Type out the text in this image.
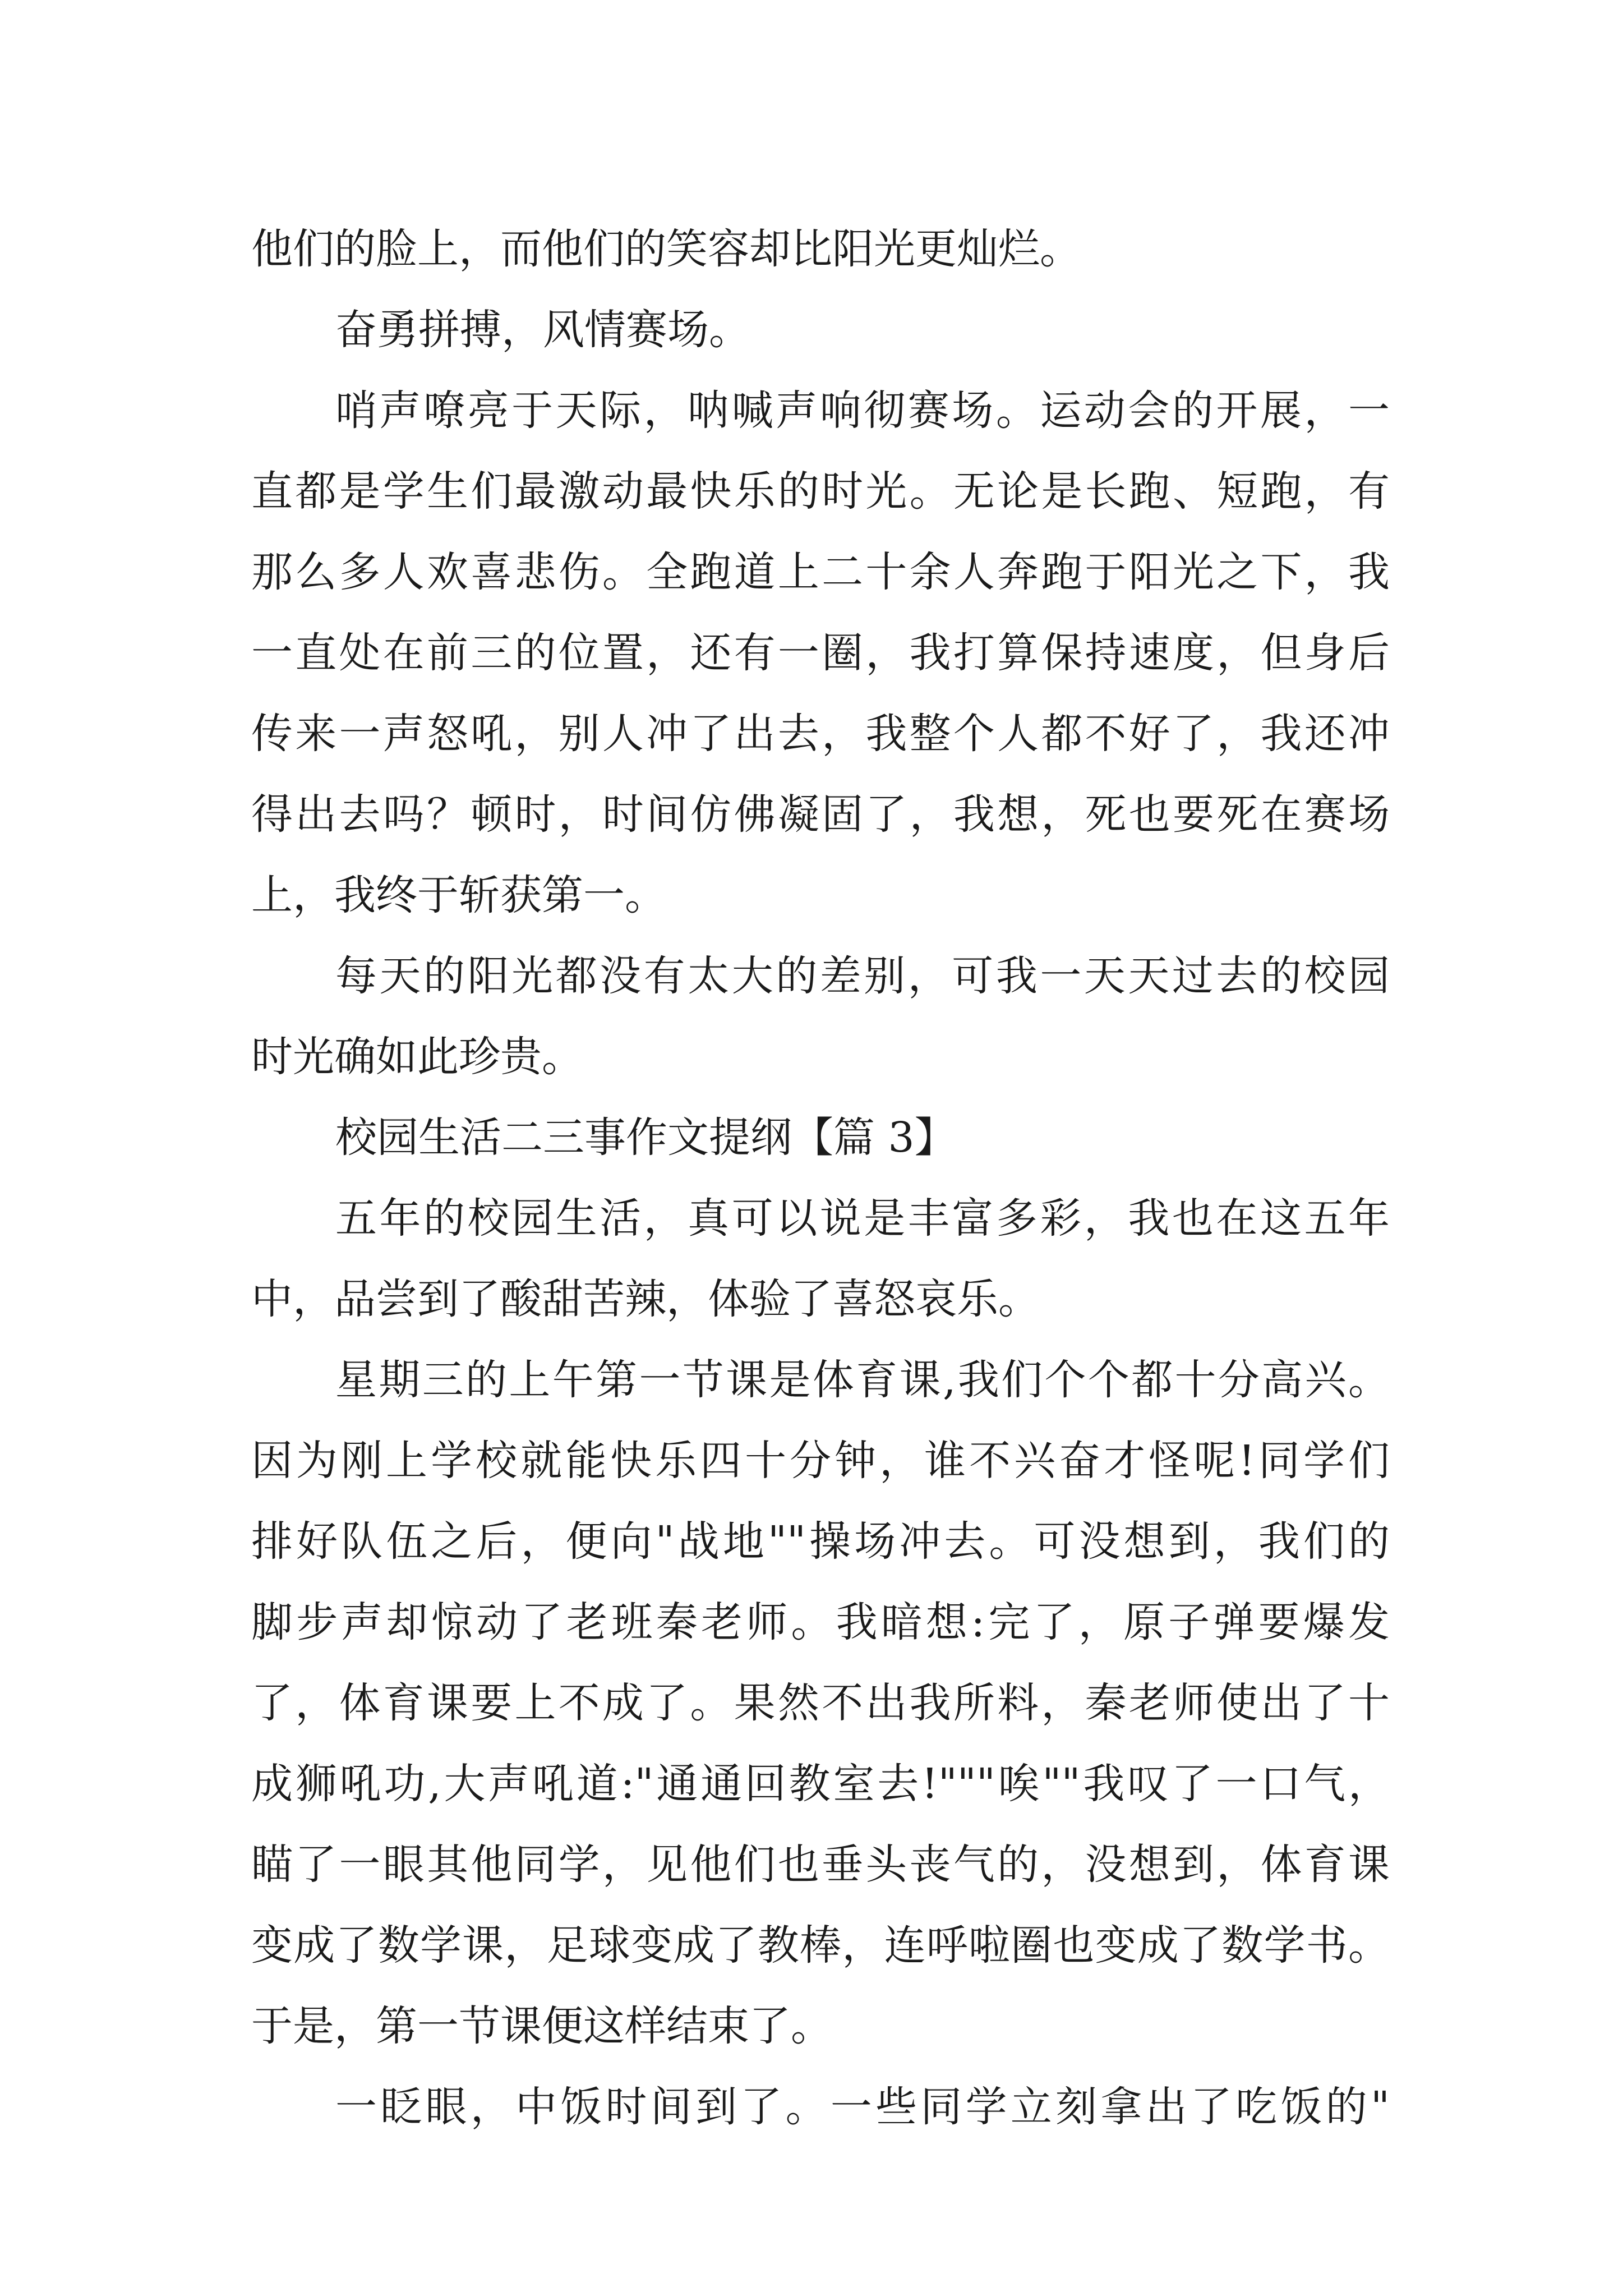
他们的脸上，而他们的笑容却比阳光更灿烂。
奋勇拼搏，风情赛场。
哨声嘹亮于天际，呐喊声响彻赛场。运动会的开展，一
直都是学生们最激动最快乐的时光。无论是长跑、短跑，有
那么多人欢喜悲伤。全跑道上二十余人奔跑于阳光之下，我
一直处在前三的位置，还有一圈，我打算保持速度，但身后
传来一声怒吼，别人冲了出去，我整个人都不好了，我还冲
得出去吗？顿时，时间仿佛凝固了，我想，死也要死在赛场
上，我终于斩获第一。
每天的阳光都没有太大的差别，可我一天天过去的校园
时光确如此珍贵。
校园生活二三事作文提纲【篇 3】
五年的校园生活，真可以说是丰富多彩，我也在这五年
中，品尝到了酸甜苦辣，体验了喜怒哀乐。
星期三的上午第一节课是体育课,我们个个都十分高兴。
因为刚上学校就能快乐四十分钟，谁不兴奋才怪呢!同学们
排好队伍之后，便向"战地""操场冲去。可没想到，我们的
脚步声却惊动了老班秦老师。我暗想:完了，原子弹要爆发
了，体育课要上不成了。果然不出我所料，秦老师使出了十
成狮吼功,大声吼道:"通通回教室去!"""唉""我叹了一口气，
瞄了一眼其他同学，见他们也垂头丧气的，没想到，体育课
变成了数学课，足球变成了教棒，连呼啦圈也变成了数学书。
于是，第一节课便这样结束了。
一眨眼，中饭时间到了。一些同学立刻拿出了吃饭的"
